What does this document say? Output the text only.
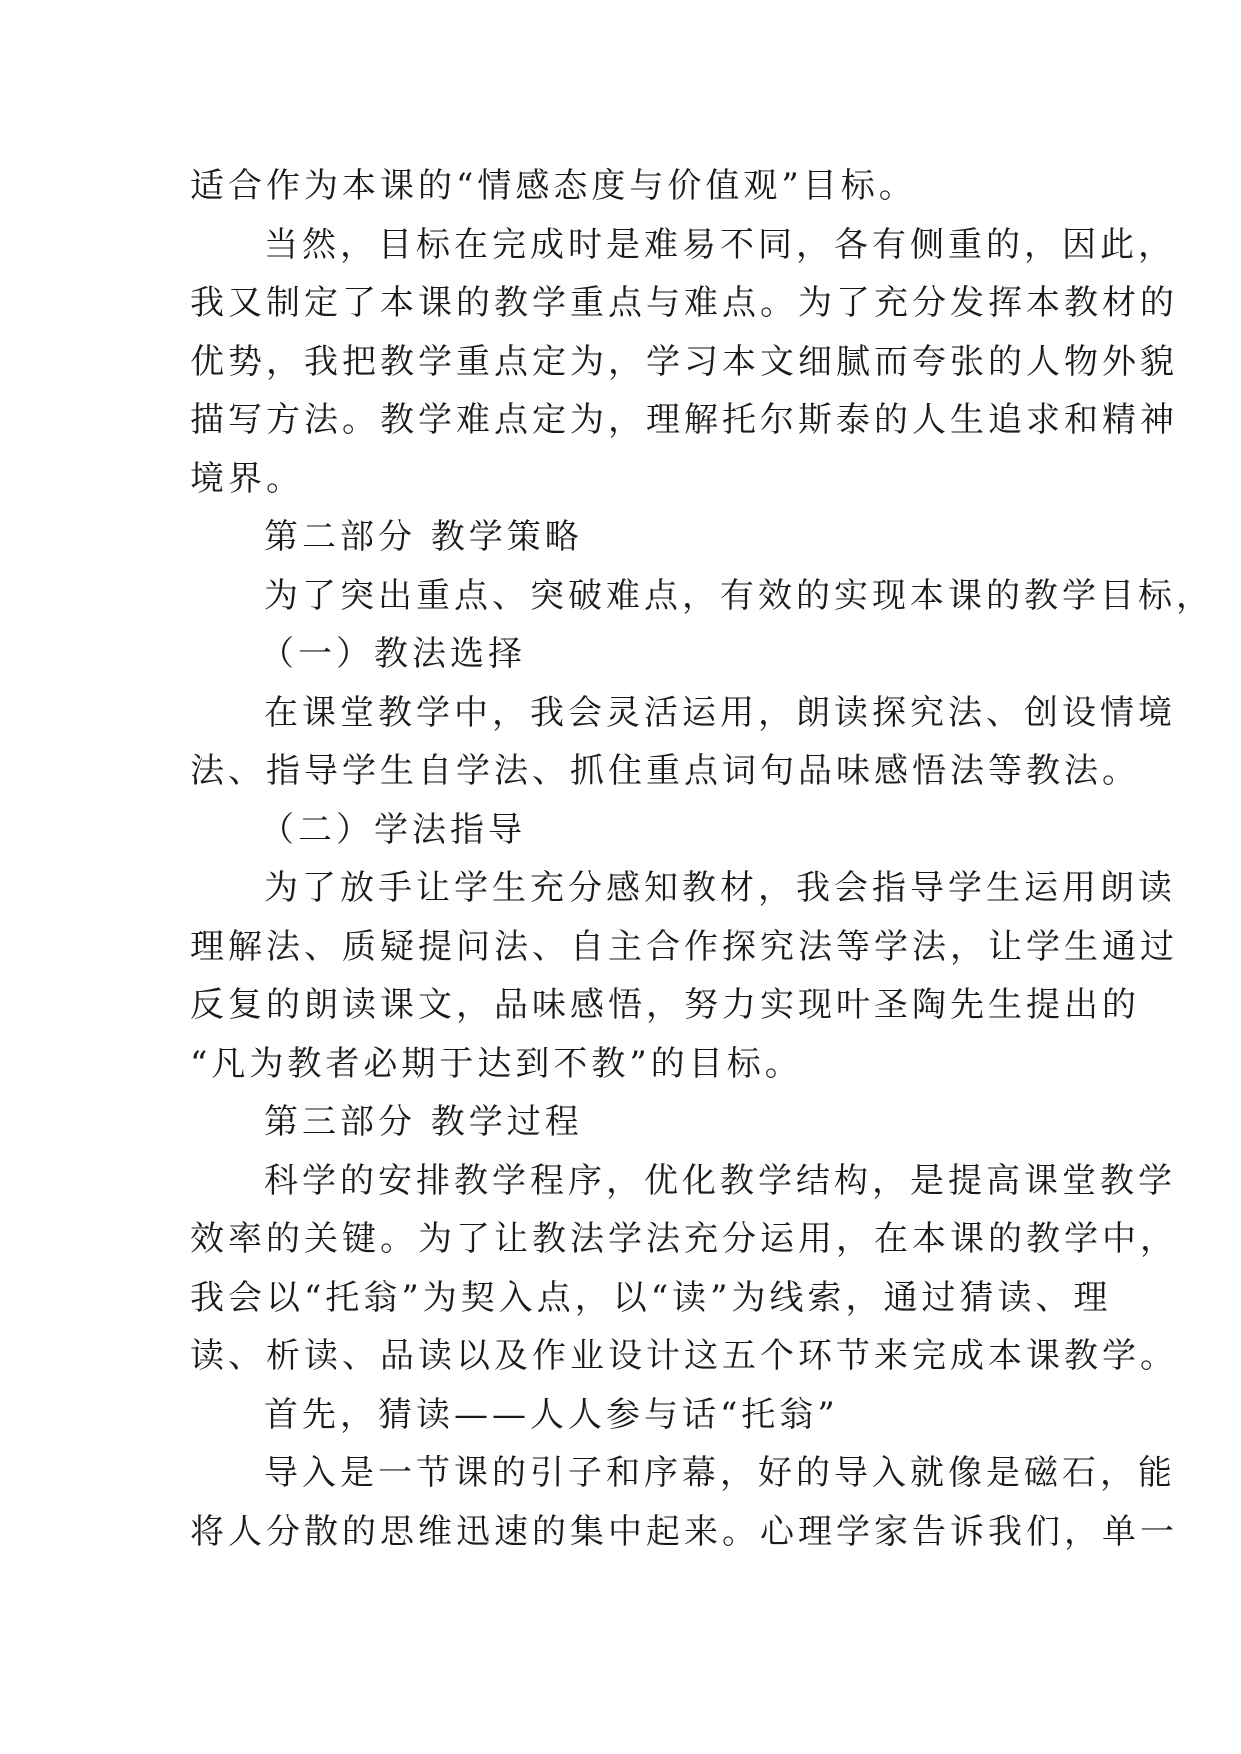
适合作为本课的“情感态度与价值观”目标。
当然，目标在完成时是难易不同，各有侧重的，因此，
我又制定了本课的教学重点与难点。为了充分发挥本教材的
优势，我把教学重点定为，学习本文细腻而夸张的人物外貌
描写方法。教学难点定为，理解托尔斯泰的人生追求和精神
境界。
第二部分 教学策略
为了突出重点、突破难点，有效的实现本课的教学目标，
（一）教法选择
在课堂教学中，我会灵活运用，朗读探究法、创设情境
法、指导学生自学法、抓住重点词句品味感悟法等教法。
（二）学法指导
为了放手让学生充分感知教材，我会指导学生运用朗读
理解法、质疑提问法、自主合作探究法等学法，让学生通过
反复的朗读课文，品味感悟，努力实现叶圣陶先生提出的
“凡为教者必期于达到不教”的目标。
第三部分 教学过程
科学的安排教学程序，优化教学结构，是提高课堂教学
效率的关键。为了让教法学法充分运用，在本课的教学中，
我会以“托翁”为契入点，以“读”为线索，通过猜读、理
读、析读、品读以及作业设计这五个环节来完成本课教学。
首先，猜读——人人参与话“托翁”
导入是一节课的引子和序幕，好的导入就像是磁石，能
将人分散的思维迅速的集中起来。心理学家告诉我们，单一
